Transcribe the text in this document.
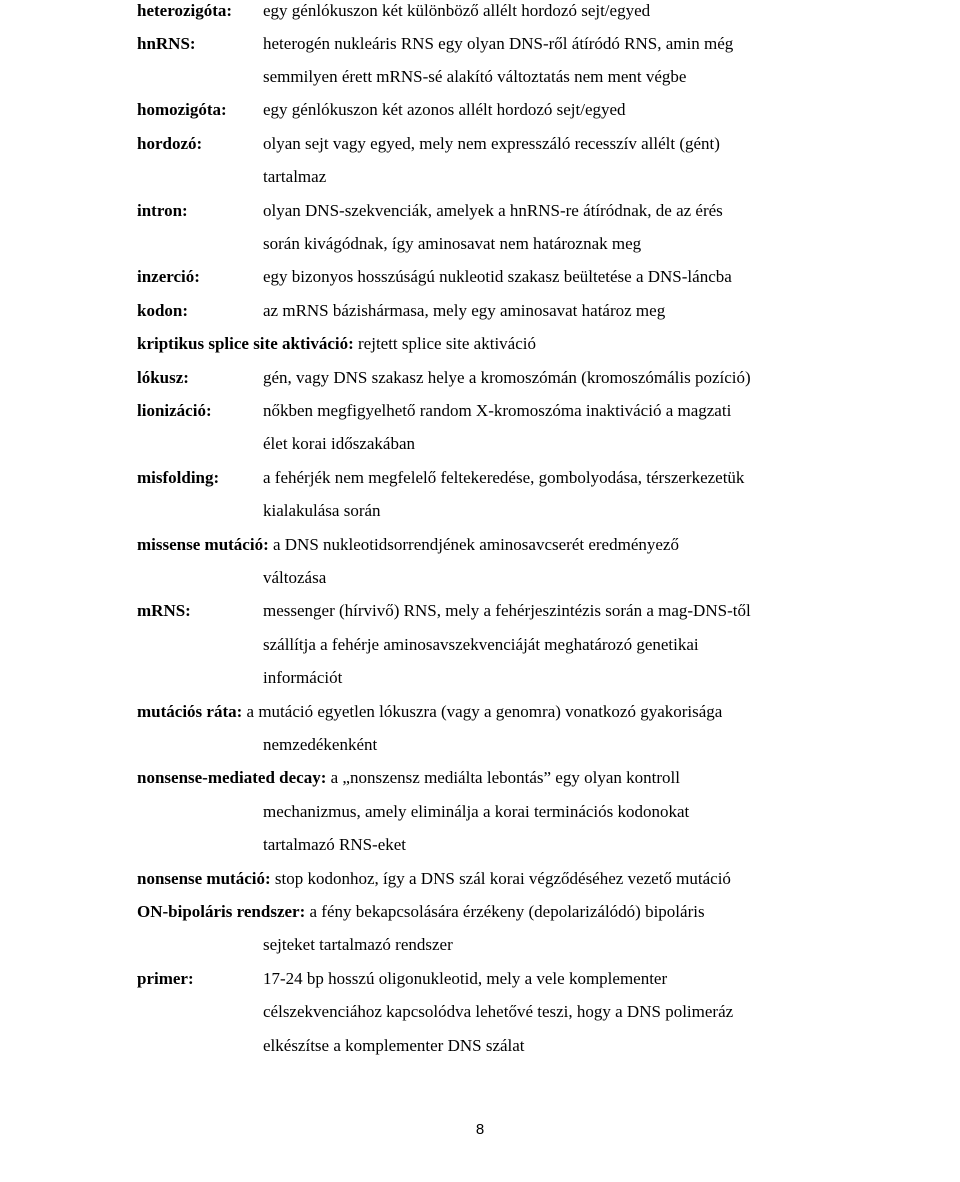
heterozigóta: egy génlókuszon két különböző allélt hordozó sejt/egyed
hnRNS:	heterogén nukleáris RNS egy olyan DNS-ről átíródó RNS, amin még
semmilyen érett mRNS-sé alakító változtatás nem ment végbe
homozigóta: egy génlókuszon két azonos allélt hordozó sejt/egyed
hordozó:	olyan sejt vagy egyed, mely nem expresszáló recesszív allélt (gént)
tartalmaz
intron:	olyan DNS-szekvenciák, amelyek a hnRNS-re átíródnak, de az érés
során kivágódnak, így aminosavat nem határoznak meg
inzerció:	egy bizonyos hosszúságú nukleotid szakasz beültetése a DNS-láncba
kodon:	az mRNS bázishármasa, mely egy aminosavat határoz meg
kriptikus splice site aktiváció: rejtett splice site aktiváció
lókusz:	gén, vagy DNS szakasz helye a kromoszómán (kromoszómális pozíció)
lionizáció:	nőkben megfigyelhető random X-kromoszóma inaktiváció a magzati
élet korai időszakában
misfolding:	a fehérjék nem megfelelő feltekeredése, gombolyodása, térszerkezetük
kialakulása során
missense mutáció: a DNS nukleotidsorrendjének aminosavcserét eredményező
változása
mRNS:	messenger (hírvivő) RNS, mely a fehérjeszintézis során a mag-DNS-től
szállítja a fehérje aminosavszekvenciáját meghatározó genetikai
információt
mutációs ráta: a mutáció egyetlen lókuszra (vagy a genomra) vonatkozó gyakorisága
nemzedékenként
nonsense-mediated decay: a „nonszensz mediálta lebontás” egy olyan kontroll
mechanizmus, amely eliminálja a korai terminációs kodonokat
tartalmazó RNS-eket
nonsense mutáció: stop kodonhoz, így a DNS szál korai végződéséhez vezető mutáció
ON-bipoláris rendszer: a fény bekapcsolására érzékeny (depolarizálódó) bipoláris
sejteket tartalmazó rendszer
primer:	17-24 bp hosszú oligonukleotid, mely a vele komplementer
célszekvenciához kapcsolódva lehetővé teszi, hogy a DNS polimeráz
elkészítse a komplementer DNS szálat
8
